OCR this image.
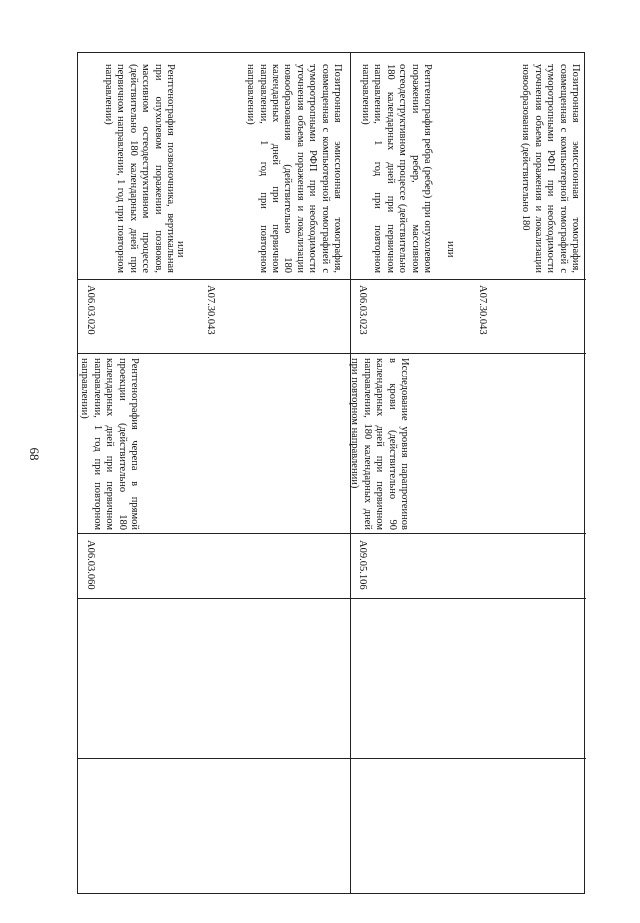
68
A06.03.060
Рентгенография черепа в прямой проекции (действительно 180 календарных дней при первичном направлении, 1 год при повторном направлении)
A06.03.020
Рентгенография позвоночника, вертикальная при опухолевом поражении позвоков, массивном остеодеструктивном процессе (действительно 180 календарных дней при первичном направлении, 1 год при повторном направлении)
или
A07.30.043
Позитронная эмиссионная томография, совмещенная с компьютерной томографией с туморотропными РФП при необходимости уточнения объема поражения и локализации новообразования (действительно 180 календарных дней при первичном направлении, 1 год при повторном направлении)
A09.05.106
Исследование уровня парапротеинов в крови (действительно 90 календарных дней при первичном направлении, 180 календарных дней при повторном направлении)
A06.03.023
Рентгенография ребра (ребер) при опухолевом поражении ребер, массивном остеодеструктивном процессе (действительно 180 календарных дней при первичном направлении, 1 год при повторном направлении)
или
A07.30.043
Позитронная эмиссионная томография, совмещенная с компьютерной томографией с туморотропными РФП при необходимости уточнения объема поражения и локализации новообразования (действительно 180
